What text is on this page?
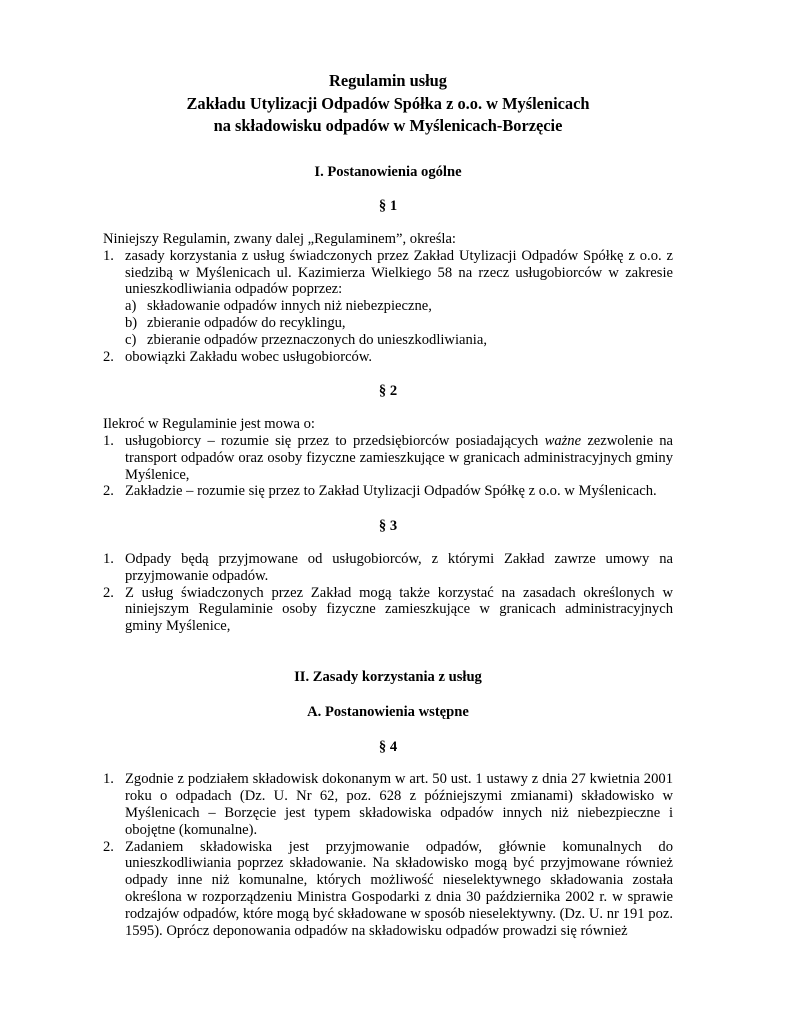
Regulamin usług

Zakładu Utylizacji Odpadów Spółka z o.o. w Myślenicach

na składowisku odpadów w Myślenicach-Borzęcie

I. Postanowienia ogólne

§ 1

Niniejszy Regulamin, zwany dalej „Regulaminem”, określa:

1. zasady korzystania z usług świadczonych przez Zakład Utylizacji Odpadów Spółkę z o.o. z siedzibą w Myślenicach ul. Kazimierza Wielkiego 58 na rzecz usługobiorców w zakresie unieszkodliwiania odpadów poprzez:
a) składowanie odpadów innych niż niebezpieczne,
b) zbieranie odpadów do recyklingu,
c) zbieranie odpadów przeznaczonych do unieszkodliwiania,
2. obowiązki Zakładu wobec usługobiorców.

§ 2

Ilekroć w Regulaminie jest mowa o:

1. usługobiorcy – rozumie się przez to przedsiębiorców posiadających ważne zezwolenie na transport odpadów oraz osoby fizyczne zamieszkujące w granicach administracyjnych gminy Myślenice,
2. Zakładzie – rozumie się przez to Zakład Utylizacji Odpadów Spółkę z o.o. w Myślenicach.

§ 3

1. Odpady będą przyjmowane od usługobiorców, z którymi Zakład zawrze umowy na przyjmowanie odpadów.
2. Z usług świadczonych przez Zakład mogą także korzystać na zasadach określonych w niniejszym Regulaminie osoby fizyczne zamieszkujące w granicach administracyjnych gminy Myślenice,

II. Zasady korzystania z usług

A. Postanowienia wstępne

§ 4

1. Zgodnie z podziałem składowisk dokonanym w art. 50 ust. 1 ustawy z dnia 27 kwietnia 2001 roku o odpadach (Dz. U. Nr 62, poz. 628 z późniejszymi zmianami) składowisko w Myślenicach – Borzęcie jest typem składowiska odpadów innych niż niebezpieczne i obojętne (komunalne).
2. Zadaniem składowiska jest przyjmowanie odpadów, głównie komunalnych do unieszkodliwiania poprzez składowanie. Na składowisko mogą być przyjmowane również odpady inne niż komunalne, których możliwość nieselektywnego składowania została określona w rozporządzeniu Ministra Gospodarki z dnia 30 października 2002 r. w sprawie rodzajów odpadów, które mogą być składowane w sposób nieselektywny. (Dz. U. nr 191 poz. 1595). Oprócz deponowania odpadów na składowisku odpadów prowadzi się również
